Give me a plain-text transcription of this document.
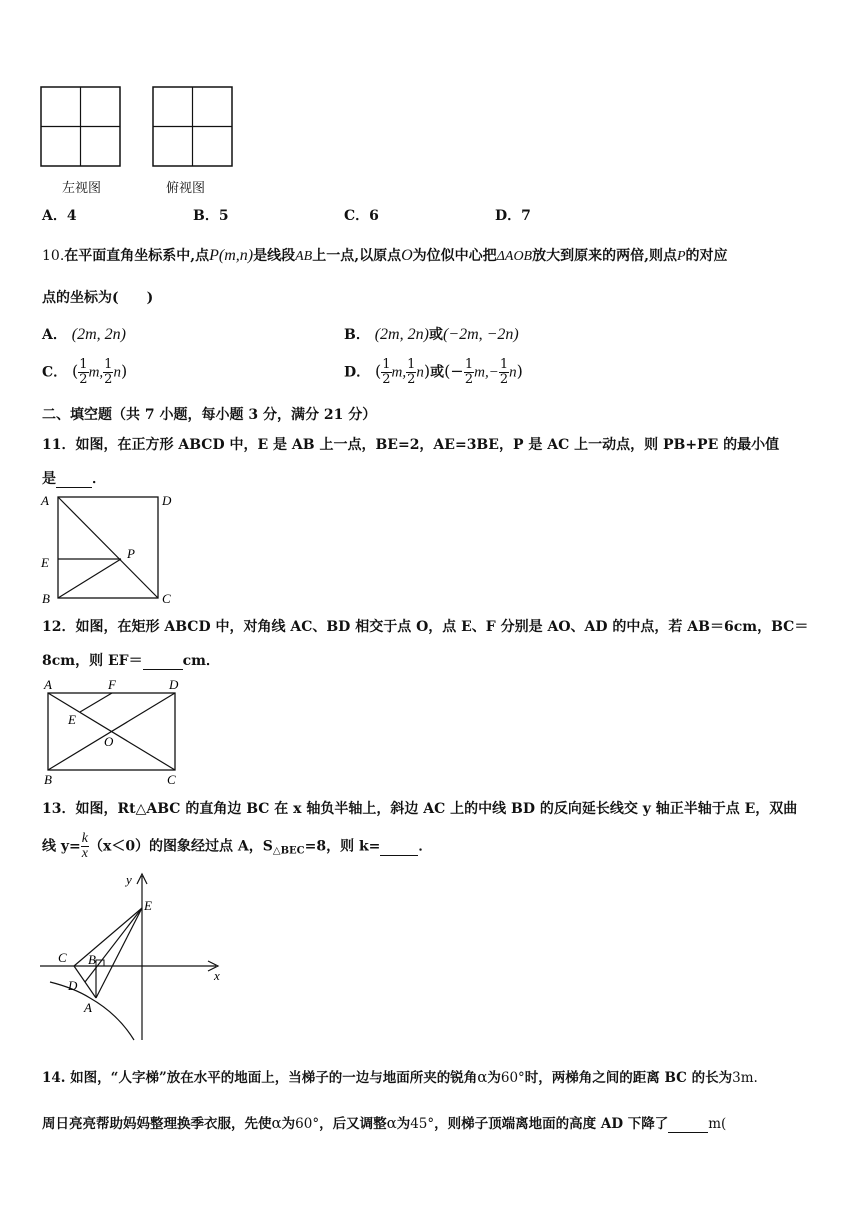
左视图	俯视图
A．4	B．5	C．6	D．7
10.在平面直角坐标系中,点P(m,n)是线段AB上一点,以原点O为位似中心把ΔAOB放大到原来的两倍,则点P的对应
点的坐标为(　　)
A． (2m, 2n)	B． (2m, 2n)或(−2m, −2n)
C． ( $\frac{1}{2} m$, $\frac{1}{2} n$)	D． ( $\frac{1}{2} m$, $\frac{1}{2} n$)或(− $\frac{1}{2} m,- \frac{1}{2} n$)
二、填空题（共 7 小题，每小题 3 分，满分 21 分）
11．如图，在正方形 ABCD 中，E 是 AB 上一点，BE=2，AE=3BE，P 是 AC 上一动点，则 PB+PE 的最小值
是	．
A	D
E
P
B	C
12．如图，在矩形 ABCD 中，对角线 AC、BD 相交于点 O，点 E、F 分别是 AO、AD 的中点，若 AB＝6cm，BC＝
8cm，则 EF＝	cm．
A	F	D
E
O
B	C
13．如图，Rt△ABC 的直角边 BC 在 x 轴负半轴上，斜边 AC 上的中线 BD 的反向延长线交 y 轴正半轴于点 E，双曲
线 $y= \frac{k}{x} (x<0)$的图象经过点 A，$S_{\triangle BEC}=8$，则 k=	．
y
x
E
C B
D
A
14. 如图，“人字梯”放在水平的地面上，当梯子的一边与地面所夹的锐角α为60°时，两梯角之间的距离 BC 的长为3m.
周日亮亮帮助妈妈整理换季衣服，先使α为60°，后又调整α为45°，则梯子顶端离地面的高度 AD 下降了	m(
